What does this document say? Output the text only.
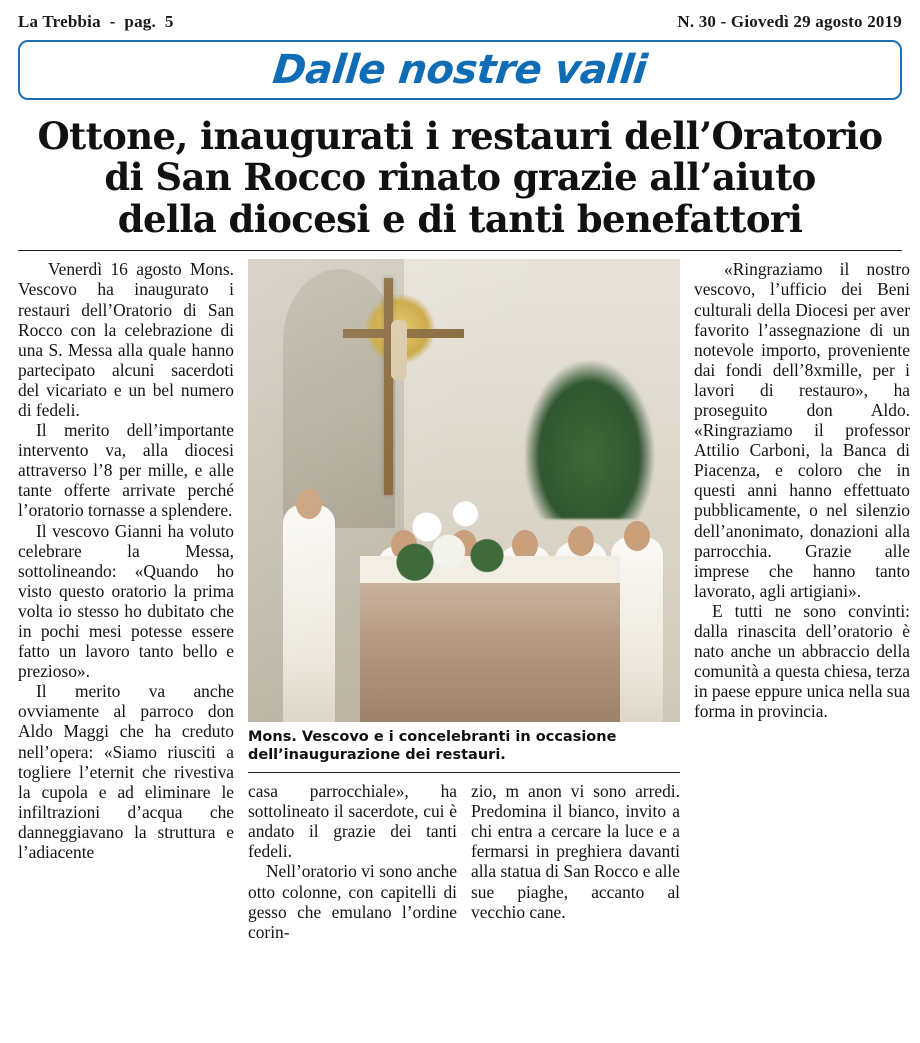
La Trebbia  -  pag.  5	N. 30 - Giovedì 29 agosto 2019
Dalle nostre valli
Ottone, inaugurati i restauri dell’Oratorio
di San Rocco rinato grazie all’aiuto
della diocesi e di tanti benefattori

Venerdì 16 agosto Mons. Vescovo ha inaugurato i restauri dell’Oratorio di San Rocco con la celebrazione di una S. Messa alla quale hanno partecipato alcuni sacerdoti del vicariato e un bel numero di fedeli.

Il merito dell’importante intervento va, alla diocesi attraverso l’8 per mille, e alle tante offerte arrivate perché l’oratorio tornasse a splendere.

Il vescovo Gianni ha voluto celebrare la Messa, sottolineando: «Quando ho visto questo oratorio la prima volta io stesso ho dubitato che in pochi mesi potesse essere fatto un lavoro tanto bello e prezioso».

Il merito va anche ovviamente al parroco don Aldo Maggi che ha creduto nell’opera: «Siamo riusciti a togliere l’eternit che rivestiva la cupola e ad eliminare le infiltrazioni d’acqua che danneggiavano la struttura e l’adiacente

Mons. Vescovo e i concelebranti in occasione dell’inaugurazione dei restauri.

casa parrocchiale», ha sottolineato il sacerdote, cui è andato il grazie dei tanti fedeli.

Nell’oratorio vi sono anche otto colonne, con capitelli di gesso che emulano l’ordine corin-

zio, m anon vi sono arredi. Predomina il bianco, invito a chi entra a cercare la luce e a fermarsi in preghiera davanti alla statua di San Rocco e alle sue piaghe, accanto al vecchio cane.

«Ringraziamo il nostro vescovo, l’ufficio dei Beni culturali della Diocesi per aver favorito l’assegnazione di un notevole importo, proveniente dai fondi dell’8xmille, per i lavori di restauro», ha proseguito don Aldo. «Ringraziamo il professor Attilio Carboni, la Banca di Piacenza, e coloro che in questi anni hanno effettuato pubblicamente, o nel silenzio dell’anonimato, donazioni alla parrocchia. Grazie alle imprese che hanno tanto lavorato, agli artigiani».

E tutti ne sono convinti: dalla rinascita dell’oratorio è nato anche un abbraccio della comunità a questa chiesa, terza in paese eppure unica nella sua forma in provincia.
